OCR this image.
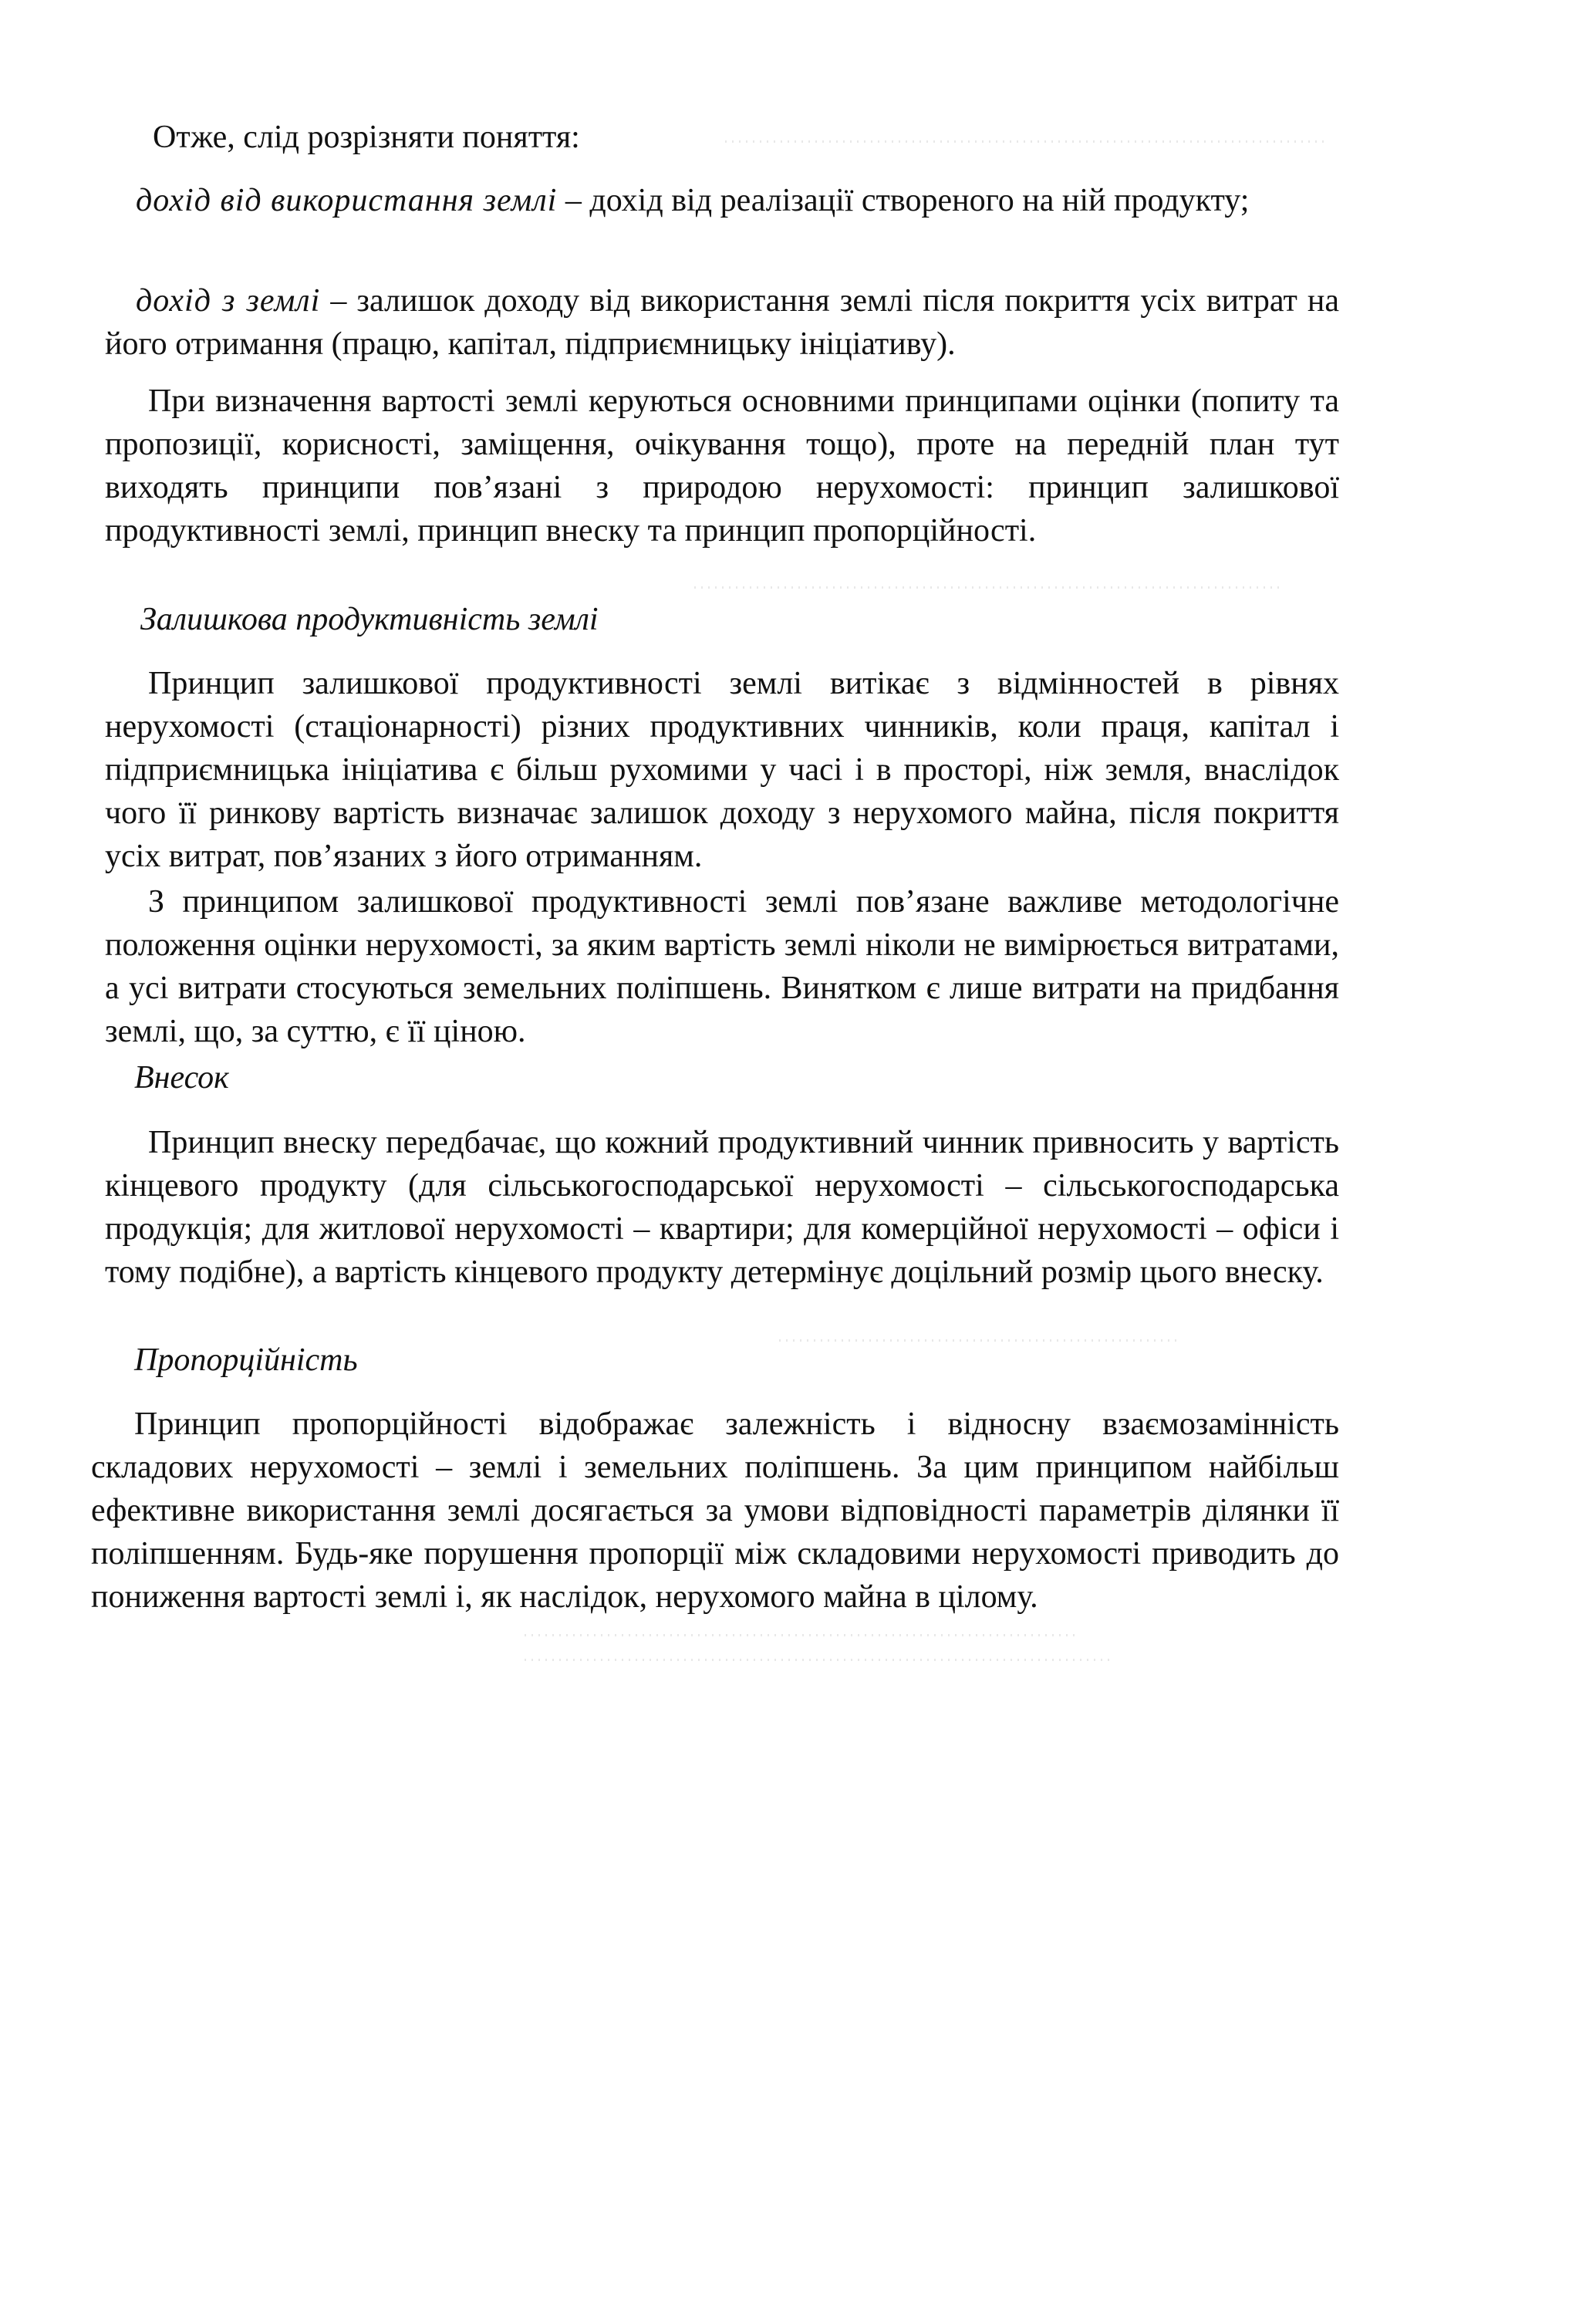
Отже, слід розрізняти поняття:

дохід від використання землі – дохід від реалізації створеного на ній продукту;

дохід з землі – залишок доходу від використання землі після покриття усіх витрат на його отримання (працю, капітал, підприємницьку ініціативу).

При визначення вартості землі керуються основними принципами оцінки (попиту та пропозиції, корисності, заміщення, очікування тощо), проте на передній план тут виходять принципи пов’язані з природою нерухомості: принцип залишкової продуктивності землі, принцип внеску та принцип пропорційності.

Залишкова продуктивність землі

Принцип залишкової продуктивності землі витікає з відмінностей в рівнях нерухомості (стаціонарності) різних продуктивних чинників, коли праця, капітал і підприємницька ініціатива є більш рухомими у часі і в просторі, ніж земля, внаслідок чого її ринкову вартість визначає залишок доходу з нерухомого майна, після покриття усіх витрат, пов’язаних з його отриманням.

З принципом залишкової продуктивності землі пов’язане важливе методологічне положення оцінки нерухомості, за яким вартість землі ніколи не вимірюється витратами, а усі витрати стосуються земельних поліпшень. Винятком є лише витрати на придбання землі, що, за суттю, є її ціною.

Внесок

Принцип внеску передбачає, що кожний продуктивний чинник привносить у вартість кінцевого продукту (для сільськогосподарської нерухомості – сільськогосподарська продукція; для житлової нерухомості – квартири; для комерційної нерухомості – офіси і тому подібне), а вартість кінцевого продукту детермінує доцільний розмір цього внеску.

Пропорційність

Принцип пропорційності відображає залежність і відносну взаємозамінність складових нерухомості – землі і земельних поліпшень. За цим принципом найбільш ефективне використання землі досягається за умови відповідності параметрів ділянки її поліпшенням. Будь-яке порушення пропорції між складовими нерухомості приводить до пониження вартості землі і, як наслідок, нерухомого майна в цілому.
